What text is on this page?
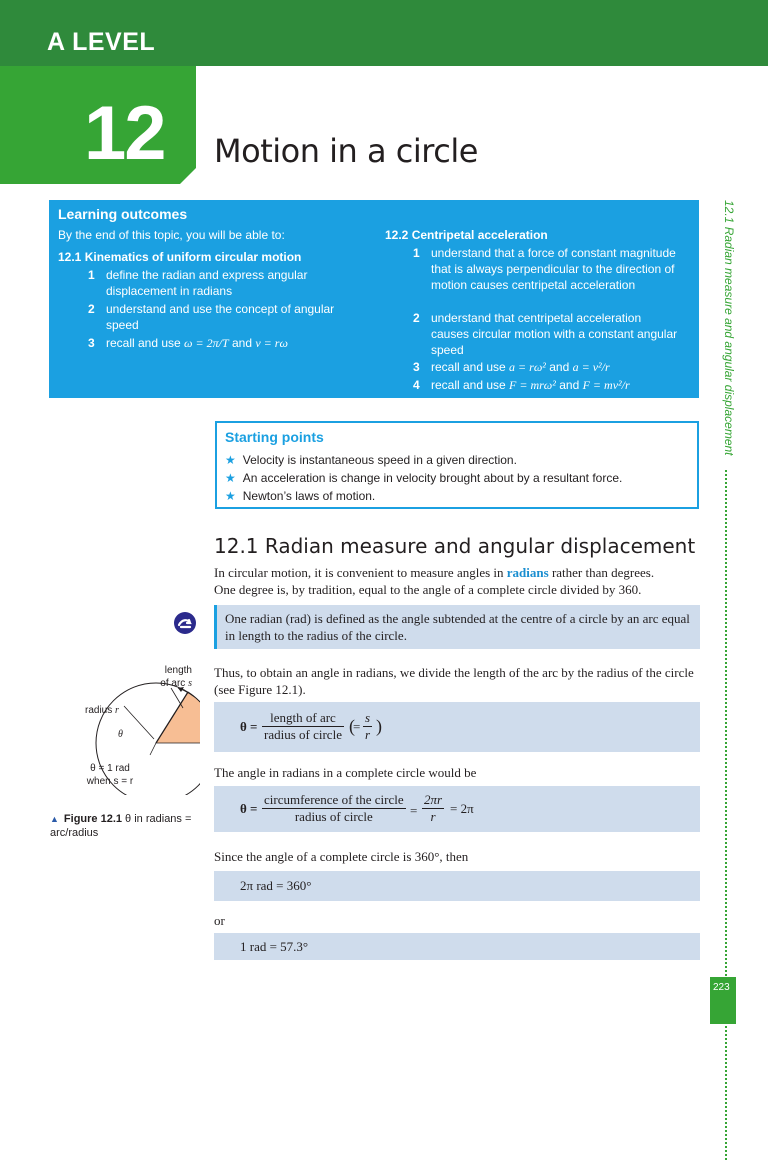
A LEVEL
12 Motion in a circle
Learning outcomes
By the end of this topic, you will be able to:
12.1 Kinematics of uniform circular motion
1 define the radian and express angular displacement in radians
2 understand and use the concept of angular speed
3 recall and use ω = 2π/T and v = rω
12.2 Centripetal acceleration
1 understand that a force of constant magnitude that is always perpendicular to the direction of motion causes centripetal acceleration
2 understand that centripetal acceleration causes circular motion with a constant angular speed
3 recall and use a = rω² and a = v²/r
4 recall and use F = mrω² and F = mv²/r
Starting points
★ Velocity is instantaneous speed in a given direction.
★ An acceleration is change in velocity brought about by a resultant force.
★ Newton’s laws of motion.
12.1 Radian measure and angular displacement
In circular motion, it is convenient to measure angles in radians rather than degrees.
One degree is, by tradition, equal to the angle of a complete circle divided by 360.
One radian (rad) is defined as the angle subtended at the centre of a circle by an arc equal in length to the radius of the circle.
Thus, to obtain an angle in radians, we divide the length of the arc by the radius of the circle (see Figure 12.1).
$\theta = \frac{\text{length of arc}}{\text{radius of circle}}$ (
= $\frac{s}{r}$ )
The angle in radians in a complete circle would be
$\theta = \frac{\text{circumference of the circle}}{\text{radius of circle}} = \frac{2\pi r}{r} = 2\pi$
Since the angle of a complete circle is 360°, then
2π rad = 360°
or
1 rad = 57.3°
length
of arc s
radius r
θ
θ = 1 rad
when s = r
▲ Figure 12.1 θ in radians = arc/radius
12.1 Radian measure and angular displacement
223
